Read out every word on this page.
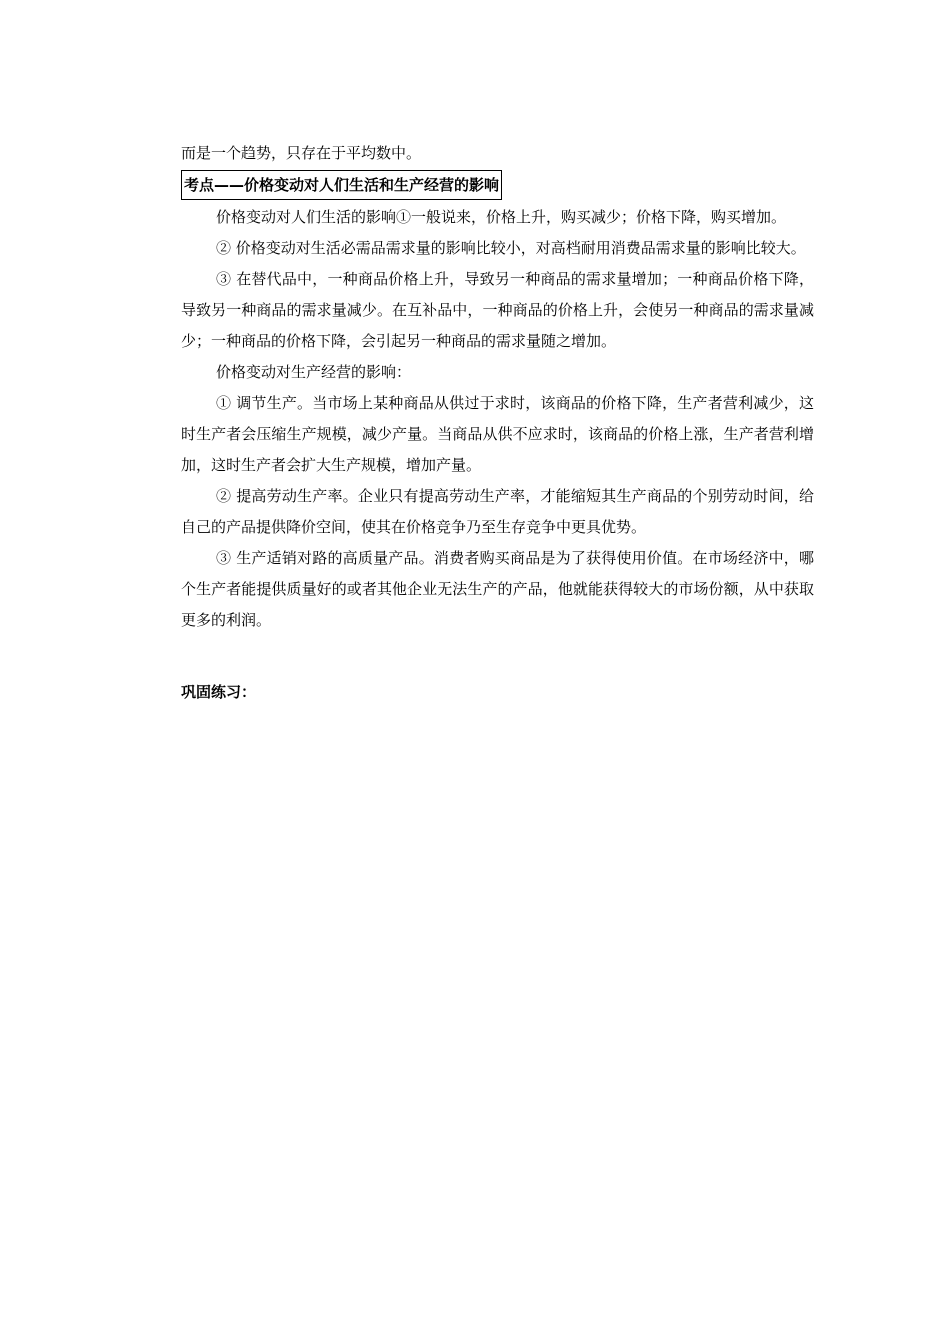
而是一个趋势，只存在于平均数中。

考点——价格变动对人们生活和生产经营的影响

价格变动对人们生活的影响①一般说来，价格上升，购买减少；价格下降，购买增加。

② 价格变动对生活必需品需求量的影响比较小，对高档耐用消费品需求量的影响比较大。

③ 在替代品中，一种商品价格上升，导致另一种商品的需求量增加；一种商品价格下降，导致另一种商品的需求量减少。在互补品中，一种商品的价格上升，会使另一种商品的需求量减少；一种商品的价格下降，会引起另一种商品的需求量随之增加。

价格变动对生产经营的影响：

① 调节生产。当市场上某种商品从供过于求时，该商品的价格下降，生产者营利减少，这时生产者会压缩生产规模，减少产量。当商品从供不应求时，该商品的价格上涨，生产者营利增加，这时生产者会扩大生产规模，增加产量。

② 提高劳动生产率。企业只有提高劳动生产率，才能缩短其生产商品的个别劳动时间，给自己的产品提供降价空间，使其在价格竞争乃至生存竞争中更具优势。

③ 生产适销对路的高质量产品。消费者购买商品是为了获得使用价值。在市场经济中，哪个生产者能提供质量好的或者其他企业无法生产的产品，他就能获得较大的市场份额，从中获取更多的利润。

巩固练习：
